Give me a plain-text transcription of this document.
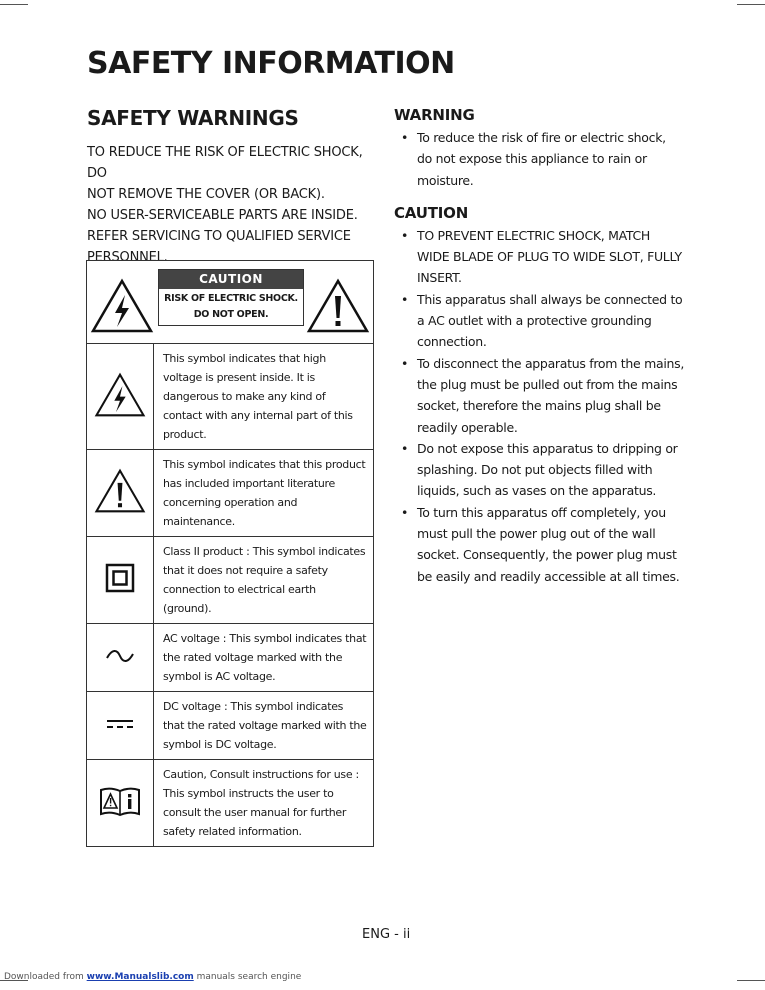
SAFETY INFORMATION
SAFETY WARNINGS
TO REDUCE THE RISK OF ELECTRIC SHOCK, DO
NOT REMOVE THE COVER (OR BACK).
NO USER-SERVICEABLE PARTS ARE INSIDE.
REFER SERVICING TO QUALIFIED SERVICE
PERSONNEL.
CAUTION
RISK OF ELECTRIC SHOCK.
DO NOT OPEN.	

	This symbol indicates that high voltage is present inside. It is dangerous to make any kind of contact with any internal part of this product.
	This symbol indicates that this product has included important literature concerning operation and maintenance.
	Class II product : This symbol indicates that it does not require a safety connection to electrical earth (ground).
	AC voltage : This symbol indicates that the rated voltage marked with the symbol is AC voltage.
	DC voltage : This symbol indicates that the rated voltage marked with the symbol is DC voltage.
	Caution, Consult instructions for use : This symbol instructs the user to consult the user manual for further safety related information.
WARNING
• To reduce the risk of fire or electric shock, do not expose this appliance to rain or moisture.
CAUTION
• TO PREVENT ELECTRIC SHOCK, MATCH WIDE BLADE OF PLUG TO WIDE SLOT, FULLY INSERT.
• This apparatus shall always be connected to a AC outlet with a protective grounding connection.
• To disconnect the apparatus from the mains, the plug must be pulled out from the mains socket, therefore the mains plug shall be readily operable.
• Do not expose this apparatus to dripping or splashing. Do not put objects filled with liquids, such as vases on the apparatus.
• To turn this apparatus off completely, you must pull the power plug out of the wall socket. Consequently, the power plug must be easily and readily accessible at all times.
ENG - ii
Downloaded from www.Manualslib.com manuals search engine
